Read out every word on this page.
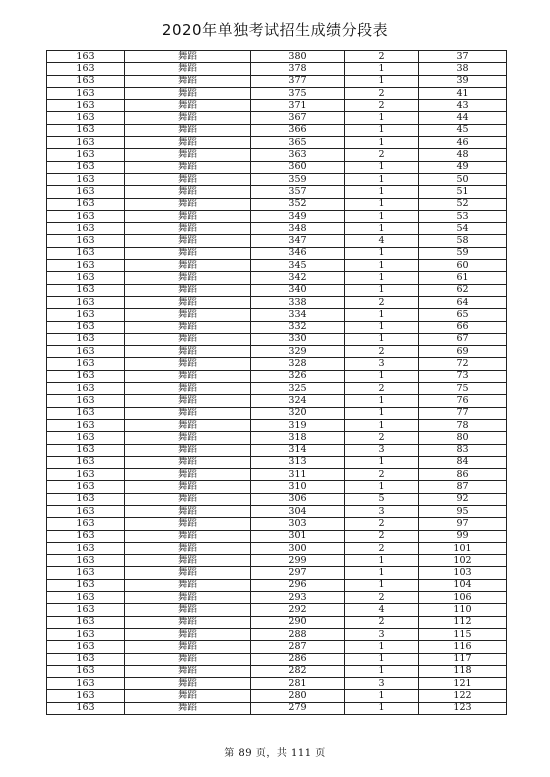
2020年单独考试招生成绩分段表
163	舞蹈	380	2	37
163	舞蹈	378	1	38
163	舞蹈	377	1	39
163	舞蹈	375	2	41
163	舞蹈	371	2	43
163	舞蹈	367	1	44
163	舞蹈	366	1	45
163	舞蹈	365	1	46
163	舞蹈	363	2	48
163	舞蹈	360	1	49
163	舞蹈	359	1	50
163	舞蹈	357	1	51
163	舞蹈	352	1	52
163	舞蹈	349	1	53
163	舞蹈	348	1	54
163	舞蹈	347	4	58
163	舞蹈	346	1	59
163	舞蹈	345	1	60
163	舞蹈	342	1	61
163	舞蹈	340	1	62
163	舞蹈	338	2	64
163	舞蹈	334	1	65
163	舞蹈	332	1	66
163	舞蹈	330	1	67
163	舞蹈	329	2	69
163	舞蹈	328	3	72
163	舞蹈	326	1	73
163	舞蹈	325	2	75
163	舞蹈	324	1	76
163	舞蹈	320	1	77
163	舞蹈	319	1	78
163	舞蹈	318	2	80
163	舞蹈	314	3	83
163	舞蹈	313	1	84
163	舞蹈	311	2	86
163	舞蹈	310	1	87
163	舞蹈	306	5	92
163	舞蹈	304	3	95
163	舞蹈	303	2	97
163	舞蹈	301	2	99
163	舞蹈	300	2	101
163	舞蹈	299	1	102
163	舞蹈	297	1	103
163	舞蹈	296	1	104
163	舞蹈	293	2	106
163	舞蹈	292	4	110
163	舞蹈	290	2	112
163	舞蹈	288	3	115
163	舞蹈	287	1	116
163	舞蹈	286	1	117
163	舞蹈	282	1	118
163	舞蹈	281	3	121
163	舞蹈	280	1	122
163	舞蹈	279	1	123
第 89 页，共 111 页
